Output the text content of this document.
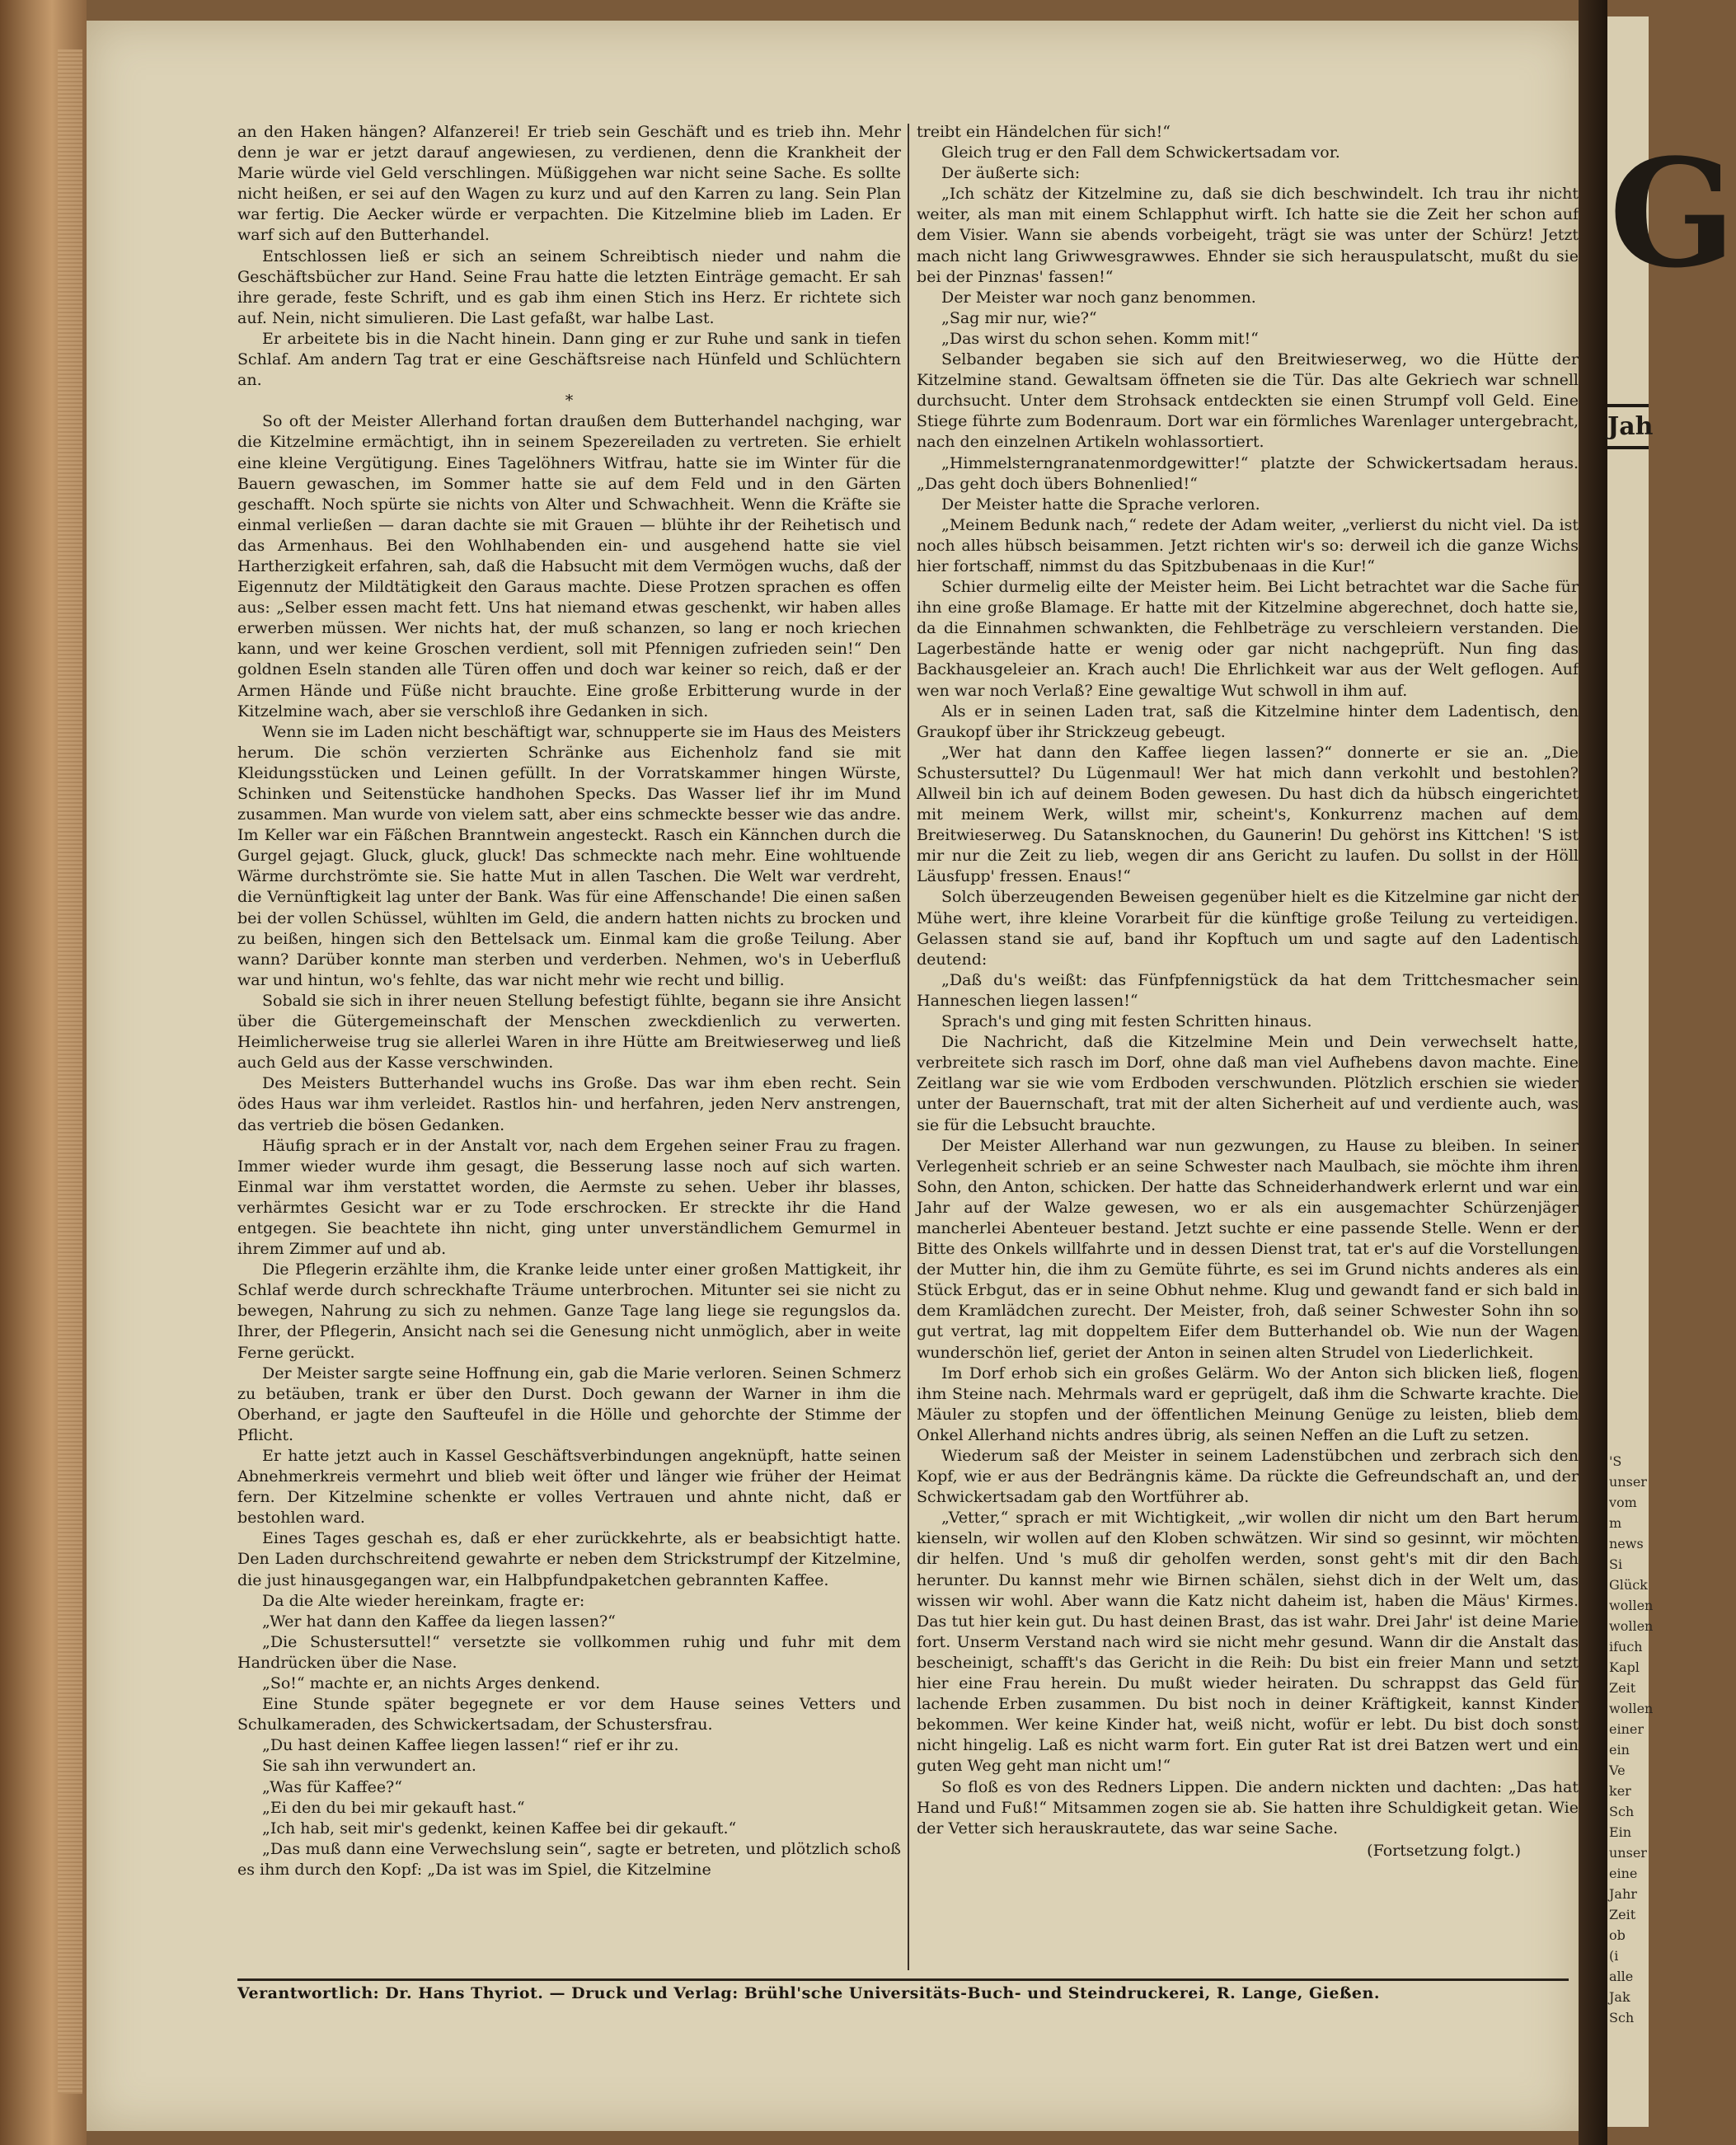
an den Haken hängen? Alfanzerei! Er trieb sein Geschäft und es trieb ihn. Mehr denn je war er jetzt darauf angewiesen, zu verdienen, denn die Krankheit der Marie würde viel Geld verschlingen. Müßiggehen war nicht seine Sache. Es sollte nicht heißen, er sei auf den Wagen zu kurz und auf den Karren zu lang. Sein Plan war fertig. Die Aecker würde er verpachten. Die Kitzelmine blieb im Laden. Er warf sich auf den Butterhandel.

Entschlossen ließ er sich an seinem Schreibtisch nieder und nahm die Geschäftsbücher zur Hand. Seine Frau hatte die letzten Einträge gemacht. Er sah ihre gerade, feste Schrift, und es gab ihm einen Stich ins Herz. Er richtete sich auf. Nein, nicht simulieren. Die Last gefaßt, war halbe Last.

Er arbeitete bis in die Nacht hinein. Dann ging er zur Ruhe und sank in tiefen Schlaf. Am andern Tag trat er eine Geschäftsreise nach Hünfeld und Schlüchtern an.

*

So oft der Meister Allerhand fortan draußen dem Butterhandel nachging, war die Kitzelmine ermächtigt, ihn in seinem Spezereiladen zu vertreten. Sie erhielt eine kleine Vergütigung. Eines Tagelöhners Witfrau, hatte sie im Winter für die Bauern gewaschen, im Sommer hatte sie auf dem Feld und in den Gärten geschafft. Noch spürte sie nichts von Alter und Schwachheit. Wenn die Kräfte sie einmal verließen — daran dachte sie mit Grauen — blühte ihr der Reihetisch und das Armenhaus. Bei den Wohlhabenden ein- und ausgehend hatte sie viel Hartherzigkeit erfahren, sah, daß die Habsucht mit dem Vermögen wuchs, daß der Eigennutz der Mildtätigkeit den Garaus machte. Diese Protzen sprachen es offen aus: „Selber essen macht fett. Uns hat niemand etwas geschenkt, wir haben alles erwerben müssen. Wer nichts hat, der muß schanzen, so lang er noch kriechen kann, und wer keine Groschen verdient, soll mit Pfennigen zufrieden sein!“ Den goldnen Eseln standen alle Türen offen und doch war keiner so reich, daß er der Armen Hände und Füße nicht brauchte. Eine große Erbitterung wurde in der Kitzelmine wach, aber sie verschloß ihre Gedanken in sich.

Wenn sie im Laden nicht beschäftigt war, schnupperte sie im Haus des Meisters herum. Die schön verzierten Schränke aus Eichenholz fand sie mit Kleidungsstücken und Leinen gefüllt. In der Vorratskammer hingen Würste, Schinken und Seitenstücke handhohen Specks. Das Wasser lief ihr im Mund zusammen. Man wurde von vielem satt, aber eins schmeckte besser wie das andre. Im Keller war ein Fäßchen Branntwein angesteckt. Rasch ein Kännchen durch die Gurgel gejagt. Gluck, gluck, gluck! Das schmeckte nach mehr. Eine wohltuende Wärme durchströmte sie. Sie hatte Mut in allen Taschen. Die Welt war verdreht, die Vernünftigkeit lag unter der Bank. Was für eine Affenschande! Die einen saßen bei der vollen Schüssel, wühlten im Geld, die andern hatten nichts zu brocken und zu beißen, hingen sich den Bettelsack um. Einmal kam die große Teilung. Aber wann? Darüber konnte man sterben und verderben. Nehmen, wo's in Ueberfluß war und hintun, wo's fehlte, das war nicht mehr wie recht und billig.

Sobald sie sich in ihrer neuen Stellung befestigt fühlte, begann sie ihre Ansicht über die Gütergemeinschaft der Menschen zweckdienlich zu verwerten. Heimlicherweise trug sie allerlei Waren in ihre Hütte am Breitwieserweg und ließ auch Geld aus der Kasse verschwinden.

Des Meisters Butterhandel wuchs ins Große. Das war ihm eben recht. Sein ödes Haus war ihm verleidet. Rastlos hin- und herfahren, jeden Nerv anstrengen, das vertrieb die bösen Gedanken.

Häufig sprach er in der Anstalt vor, nach dem Ergehen seiner Frau zu fragen. Immer wieder wurde ihm gesagt, die Besserung lasse noch auf sich warten. Einmal war ihm verstattet worden, die Aermste zu sehen. Ueber ihr blasses, verhärmtes Gesicht war er zu Tode erschrocken. Er streckte ihr die Hand entgegen. Sie beachtete ihn nicht, ging unter unverständlichem Gemurmel in ihrem Zimmer auf und ab.

Die Pflegerin erzählte ihm, die Kranke leide unter einer großen Mattigkeit, ihr Schlaf werde durch schreckhafte Träume unterbrochen. Mitunter sei sie nicht zu bewegen, Nahrung zu sich zu nehmen. Ganze Tage lang liege sie regungslos da. Ihrer, der Pflegerin, Ansicht nach sei die Genesung nicht unmöglich, aber in weite Ferne gerückt.

Der Meister sargte seine Hoffnung ein, gab die Marie verloren. Seinen Schmerz zu betäuben, trank er über den Durst. Doch gewann der Warner in ihm die Oberhand, er jagte den Saufteufel in die Hölle und gehorchte der Stimme der Pflicht.

Er hatte jetzt auch in Kassel Geschäftsverbindungen angeknüpft, hatte seinen Abnehmerkreis vermehrt und blieb weit öfter und länger wie früher der Heimat fern. Der Kitzelmine schenkte er volles Vertrauen und ahnte nicht, daß er bestohlen ward.

Eines Tages geschah es, daß er eher zurückkehrte, als er beabsichtigt hatte. Den Laden durchschreitend gewahrte er neben dem Strickstrumpf der Kitzelmine, die just hinausgegangen war, ein Halbpfundpaketchen gebrannten Kaffee.

Da die Alte wieder hereinkam, fragte er:

„Wer hat dann den Kaffee da liegen lassen?“

„Die Schustersuttel!“ versetzte sie vollkommen ruhig und fuhr mit dem Handrücken über die Nase.

„So!“ machte er, an nichts Arges denkend.

Eine Stunde später begegnete er vor dem Hause seines Vetters und Schulkameraden, des Schwickertsadam, der Schustersfrau.

„Du hast deinen Kaffee liegen lassen!“ rief er ihr zu.

Sie sah ihn verwundert an.

„Was für Kaffee?“

„Ei den du bei mir gekauft hast.“

„Ich hab, seit mir's gedenkt, keinen Kaffee bei dir gekauft.“

„Das muß dann eine Verwechslung sein“, sagte er betreten, und plötzlich schoß es ihm durch den Kopf: „Da ist was im Spiel, die Kitzelmine

treibt ein Händelchen für sich!“

Gleich trug er den Fall dem Schwickertsadam vor.

Der äußerte sich:

„Ich schätz der Kitzelmine zu, daß sie dich beschwindelt. Ich trau ihr nicht weiter, als man mit einem Schlapphut wirft. Ich hatte sie die Zeit her schon auf dem Visier. Wann sie abends vorbeigeht, trägt sie was unter der Schürz! Jetzt mach nicht lang Griwwesgrawwes. Ehnder sie sich herauspulatscht, mußt du sie bei der Pinznas' fassen!“

Der Meister war noch ganz benommen.

„Sag mir nur, wie?“

„Das wirst du schon sehen. Komm mit!“

Selbander begaben sie sich auf den Breitwieserweg, wo die Hütte der Kitzelmine stand. Gewaltsam öffneten sie die Tür. Das alte Gekriech war schnell durchsucht. Unter dem Strohsack entdeckten sie einen Strumpf voll Geld. Eine Stiege führte zum Bodenraum. Dort war ein förmliches Warenlager untergebracht, nach den einzelnen Artikeln wohlassortiert.

„Himmelsterngranatenmordgewitter!“ platzte der Schwickertsadam heraus. „Das geht doch übers Bohnenlied!“

Der Meister hatte die Sprache verloren.

„Meinem Bedunk nach,“ redete der Adam weiter, „verlierst du nicht viel. Da ist noch alles hübsch beisammen. Jetzt richten wir's so: derweil ich die ganze Wichs hier fortschaff, nimmst du das Spitzbubenaas in die Kur!“

Schier durmelig eilte der Meister heim. Bei Licht betrachtet war die Sache für ihn eine große Blamage. Er hatte mit der Kitzelmine abgerechnet, doch hatte sie, da die Einnahmen schwankten, die Fehlbeträge zu verschleiern verstanden. Die Lagerbestände hatte er wenig oder gar nicht nachgeprüft. Nun fing das Backhausgeleier an. Krach auch! Die Ehrlichkeit war aus der Welt geflogen. Auf wen war noch Verlaß? Eine gewaltige Wut schwoll in ihm auf.

Als er in seinen Laden trat, saß die Kitzelmine hinter dem Ladentisch, den Graukopf über ihr Strickzeug gebeugt.

„Wer hat dann den Kaffee liegen lassen?“ donnerte er sie an. „Die Schustersuttel? Du Lügenmaul! Wer hat mich dann verkohlt und bestohlen? Allweil bin ich auf deinem Boden gewesen. Du hast dich da hübsch eingerichtet mit meinem Werk, willst mir, scheint's, Konkurrenz machen auf dem Breitwieserweg. Du Satansknochen, du Gaunerin! Du gehörst ins Kittchen! 'S ist mir nur die Zeit zu lieb, wegen dir ans Gericht zu laufen. Du sollst in der Höll Läusfupp' fressen. Enaus!“

Solch überzeugenden Beweisen gegenüber hielt es die Kitzelmine gar nicht der Mühe wert, ihre kleine Vorarbeit für die künftige große Teilung zu verteidigen. Gelassen stand sie auf, band ihr Kopftuch um und sagte auf den Ladentisch deutend:

„Daß du's weißt: das Fünfpfennigstück da hat dem Trittchesmacher sein Hanneschen liegen lassen!“

Sprach's und ging mit festen Schritten hinaus.

Die Nachricht, daß die Kitzelmine Mein und Dein verwechselt hatte, verbreitete sich rasch im Dorf, ohne daß man viel Aufhebens davon machte. Eine Zeitlang war sie wie vom Erdboden verschwunden. Plötzlich erschien sie wieder unter der Bauernschaft, trat mit der alten Sicherheit auf und verdiente auch, was sie für die Lebsucht brauchte.

Der Meister Allerhand war nun gezwungen, zu Hause zu bleiben. In seiner Verlegenheit schrieb er an seine Schwester nach Maulbach, sie möchte ihm ihren Sohn, den Anton, schicken. Der hatte das Schneiderhandwerk erlernt und war ein Jahr auf der Walze gewesen, wo er als ein ausgemachter Schürzenjäger mancherlei Abenteuer bestand. Jetzt suchte er eine passende Stelle. Wenn er der Bitte des Onkels willfahrte und in dessen Dienst trat, tat er's auf die Vorstellungen der Mutter hin, die ihm zu Gemüte führte, es sei im Grund nichts anderes als ein Stück Erbgut, das er in seine Obhut nehme. Klug und gewandt fand er sich bald in dem Kramlädchen zurecht. Der Meister, froh, daß seiner Schwester Sohn ihn so gut vertrat, lag mit doppeltem Eifer dem Butterhandel ob. Wie nun der Wagen wunderschön lief, geriet der Anton in seinen alten Strudel von Liederlichkeit.

Im Dorf erhob sich ein großes Gelärm. Wo der Anton sich blicken ließ, flogen ihm Steine nach. Mehrmals ward er geprügelt, daß ihm die Schwarte krachte. Die Mäuler zu stopfen und der öffentlichen Meinung Genüge zu leisten, blieb dem Onkel Allerhand nichts andres übrig, als seinen Neffen an die Luft zu setzen.

Wiederum saß der Meister in seinem Ladenstübchen und zerbrach sich den Kopf, wie er aus der Bedrängnis käme. Da rückte die Gefreundschaft an, und der Schwickertsadam gab den Wortführer ab.

„Vetter,“ sprach er mit Wichtigkeit, „wir wollen dir nicht um den Bart herum kienseln, wir wollen auf den Kloben schwätzen. Wir sind so gesinnt, wir möchten dir helfen. Und 's muß dir geholfen werden, sonst geht's mit dir den Bach herunter. Du kannst mehr wie Birnen schälen, siehst dich in der Welt um, das wissen wir wohl. Aber wann die Katz nicht daheim ist, haben die Mäus' Kirmes. Das tut hier kein gut. Du hast deinen Brast, das ist wahr. Drei Jahr' ist deine Marie fort. Unserm Verstand nach wird sie nicht mehr gesund. Wann dir die Anstalt das bescheinigt, schafft's das Gericht in die Reih: Du bist ein freier Mann und setzt hier eine Frau herein. Du mußt wieder heiraten. Du schrappst das Geld für lachende Erben zusammen. Du bist noch in deiner Kräftigkeit, kannst Kinder bekommen. Wer keine Kinder hat, weiß nicht, wofür er lebt. Du bist doch sonst nicht hingelig. Laß es nicht warm fort. Ein guter Rat ist drei Batzen wert und ein guten Weg geht man nicht um!“

So floß es von des Redners Lippen. Die andern nickten und dachten: „Das hat Hand und Fuß!“ Mitsammen zogen sie ab. Sie hatten ihre Schuldigkeit getan. Wie der Vetter sich herauskrautete, das war seine Sache.

(Fortsetzung folgt.)

Verantwortlich: Dr. Hans Thyriot. — Druck und Verlag: Brühl'sche Universitäts-Buch- und Steindruckerei, R. Lange, Gießen.
G
Jah
'S
unser
vom
m
news
Si
Glück
wollen
wollen
ifuch
Kapl
Zeit
wollen
einer
ein
Ve
ker
Sch
Ein
unser
eine
Jahr
Zeit
ob
(i
alle
Jak
Sch
